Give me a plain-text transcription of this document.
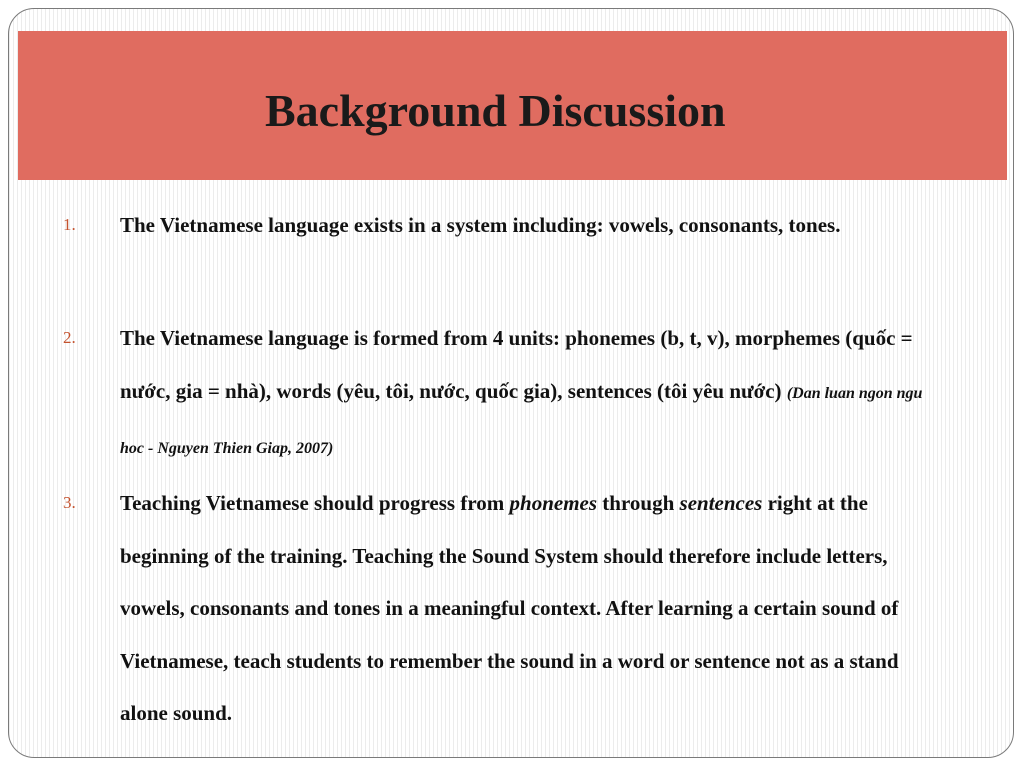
Background Discussion
1. The Vietnamese language exists in a system including: vowels, consonants, tones.
2. The Vietnamese language is formed from 4 units: phonemes (b, t, v), morphemes (quốc = nước, gia = nhà), words (yêu, tôi, nước, quốc gia), sentences (tôi yêu nước) (Dan luan ngon ngu hoc - Nguyen Thien Giap, 2007)
3. Teaching Vietnamese should progress from phonemes through sentences right at the beginning of the training. Teaching the Sound System should therefore include letters, vowels, consonants and tones in a meaningful context. After learning a certain sound of Vietnamese, teach students to remember the sound in a word or sentence not as a stand alone sound.
